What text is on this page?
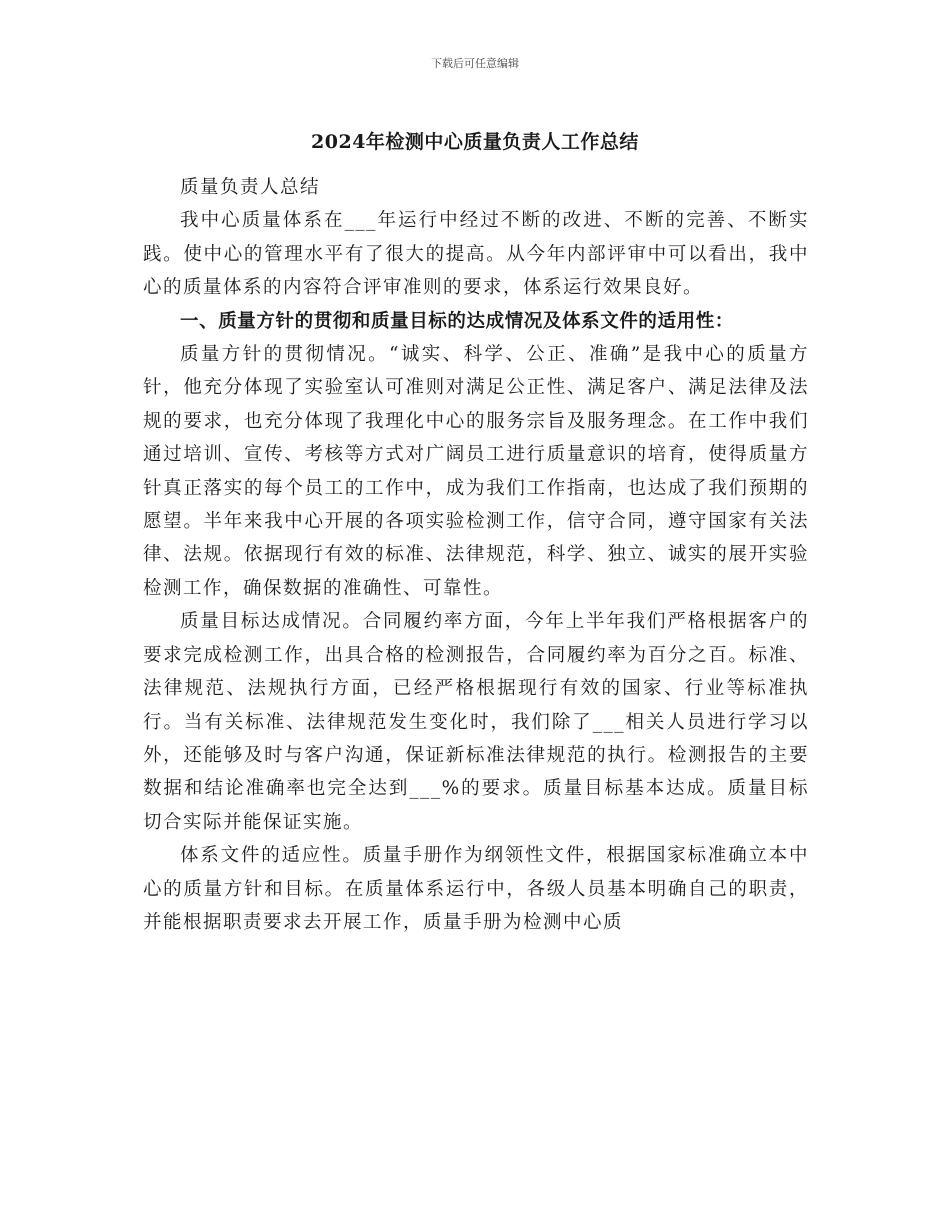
下载后可任意编辑
2024年检测中心质量负责人工作总结

质量负责人总结

我中心质量体系在___年运行中经过不断的改进、不断的完善、不断实践。使中心的管理水平有了很大的提高。从今年内部评审中可以看出，我中心的质量体系的内容符合评审准则的要求，体系运行效果良好。

一、质量方针的贯彻和质量目标的达成情况及体系文件的适用性：

质量方针的贯彻情况。“诚实、科学、公正、准确”是我中心的质量方针，他充分体现了实验室认可准则对满足公正性、满足客户、满足法律及法规的要求，也充分体现了我理化中心的服务宗旨及服务理念。在工作中我们通过培训、宣传、考核等方式对广阔员工进行质量意识的培育，使得质量方针真正落实的每个员工的工作中，成为我们工作指南，也达成了我们预期的愿望。半年来我中心开展的各项实验检测工作，信守合同，遵守国家有关法律、法规。依据现行有效的标准、法律规范，科学、独立、诚实的展开实验检测工作，确保数据的准确性、可靠性。

质量目标达成情况。合同履约率方面，今年上半年我们严格根据客户的要求完成检测工作，出具合格的检测报告，合同履约率为百分之百。标准、法律规范、法规执行方面，已经严格根据现行有效的国家、行业等标准执行。当有关标准、法律规范发生变化时，我们除了___相关人员进行学习以外，还能够及时与客户沟通，保证新标准法律规范的执行。检测报告的主要数据和结论准确率也完全达到___%的要求。质量目标基本达成。质量目标切合实际并能保证实施。

体系文件的适应性。质量手册作为纲领性文件，根据国家标准确立本中心的质量方针和目标。在质量体系运行中，各级人员基本明确自己的职责，并能根据职责要求去开展工作，质量手册为检测中心质
